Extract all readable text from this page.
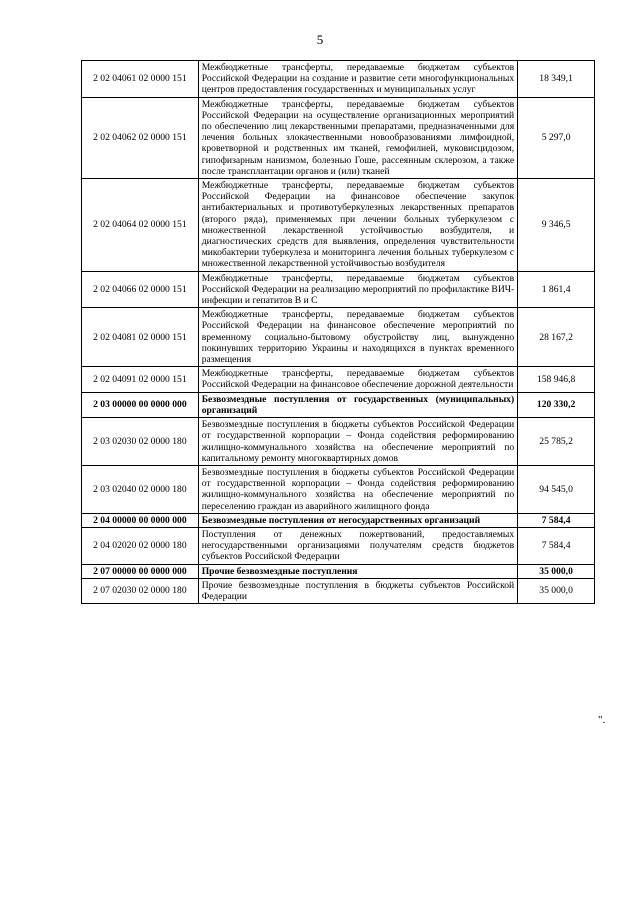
5
2 02 04061 02 0000 151	Межбюджетные трансферты, передаваемые бюджетам субъектов Российской Федерации на создание и развитие сети многофункциональных центров предоставления государственных и муниципальных услуг	18 349,1
2 02 04062 02 0000 151	Межбюджетные трансферты, передаваемые бюджетам субъектов Российской Федерации на осуществление организационных мероприятий по обеспечению лиц лекарственными препаратами, предназначенными для лечения больных злокачественными новообразованиями лимфоидной, кроветворной и родственных им тканей, гемофилией, муковисцидозом, гипофизарным нанизмом, болезнью Гоше, рассеянным склерозом, а также после трансплантации органов и (или) тканей	5 297,0
2 02 04064 02 0000 151	Межбюджетные трансферты, передаваемые бюджетам субъектов Российской Федерации на финансовое обеспечение закупок антибактериальных и противотуберкулезных лекарственных препаратов (второго ряда), применяемых при лечении больных туберкулезом с множественной лекарственной устойчивостью возбудителя, и диагностических средств для выявления, определения чувствительности микобактерии туберкулеза и мониторинга лечения больных туберкулезом с множественной лекарственной устойчивостью возбудителя	9 346,5
2 02 04066 02 0000 151	Межбюджетные трансферты, передаваемые бюджетам субъектов Российской Федерации на реализацию мероприятий по профилактике ВИЧ-инфекции и гепатитов В и С	1 861,4
2 02 04081 02 0000 151	Межбюджетные трансферты, передаваемые бюджетам субъектов Российской Федерации на финансовое обеспечение мероприятий по временному социально-бытовому обустройству лиц, вынужденно покинувших территорию Украины и находящихся в пунктах временного размещения	28 167,2
2 02 04091 02 0000 151	Межбюджетные трансферты, передаваемые бюджетам субъектов Российской Федерации на финансовое обеспечение дорожной деятельности	158 946,8
2 03 00000 00 0000 000	Безвозмездные поступления от государственных (муниципальных) организаций	120 330,2
2 03 02030 02 0000 180	Безвозмездные поступления в бюджеты субъектов Российской Федерации от государственной корпорации – Фонда содействия реформированию жилищно-коммунального хозяйства на обеспечение мероприятий по капитальному ремонту многоквартирных домов	25 785,2
2 03 02040 02 0000 180	Безвозмездные поступления в бюджеты субъектов Российской Федерации от государственной корпорации – Фонда содействия реформированию жилищно-коммунального хозяйства на обеспечение мероприятий по переселению граждан из аварийного жилищного фонда	94 545,0
2 04 00000 00 0000 000	Безвозмездные поступления от негосударственных организаций	7 584,4
2 04 02020 02 0000 180	Поступления от денежных пожертвований, предоставляемых негосударственными организациями получателям средств бюджетов субъектов Российской Федерации	7 584,4
2 07 00000 00 0000 000	Прочие безвозмездные поступления	35 000,0
2 07 02030 02 0000 180	Прочие безвозмездные поступления в бюджеты субъектов Российской Федерации	35 000,0
".
